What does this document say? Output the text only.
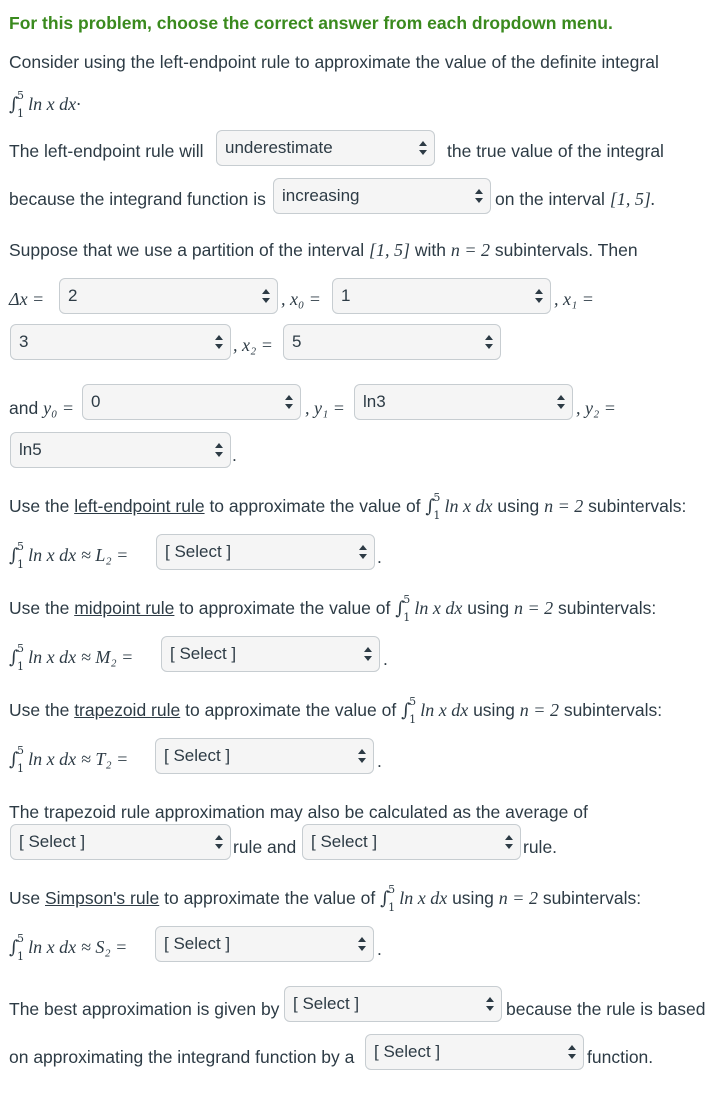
For this problem, choose the correct answer from each dropdown menu.
Consider using the left-endpoint rule to approximate the value of the definite integral
∫
5
1 ln x dx·
The left-endpoint rule will	underestimate	the true value of the integral
because the integrand function is increasing	on the interval [1, 5].
Suppose that we use a partition of the interval [1, 5] with n = 2 subintervals. Then
Δx =	2	, x₀ =	1	, x₁ =
3	, x₂ =	5
and y₀ =	0	, y₁ =	ln3	, y₂ =
ln5	.
Use the left-endpoint rule to approximate the value of ∫
5
1 ln x dx using n = 2 subintervals:
∫
5
1 ln x dx ≈ L₂ =	[ Select ]	.
Use the midpoint rule to approximate the value of ∫
5
1 ln x dx using n = 2 subintervals:
∫
5
1 ln x dx ≈ M₂ =	[ Select ]	.
Use the trapezoid rule to approximate the value of ∫
5
1 ln x dx using n = 2 subintervals:
∫
5
1 ln x dx ≈ T₂ =	[ Select ]	.
The trapezoid rule approximation may also be calculated as the average of
[ Select ]	rule and [ Select ]	rule.
Use Simpson's rule to approximate the value of ∫
5
1 ln x dx using n = 2 subintervals:
∫
5
1 ln x dx ≈ S₂ =	[ Select ]	.
The best approximation is given by [ Select ]	because the rule is based
on approximating the integrand function by a	[ Select ]	function.
